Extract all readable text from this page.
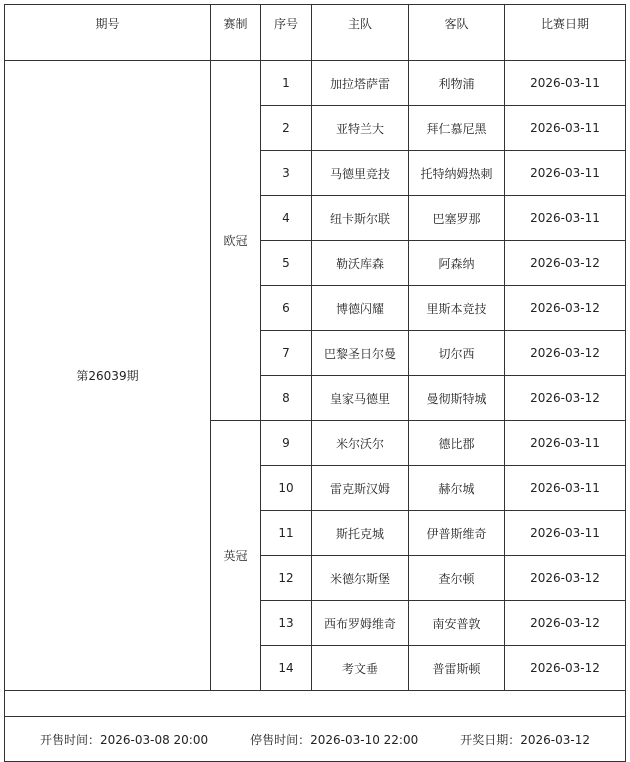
期号	赛制	序号	主队	客队	比赛日期
第26039期	欧冠	1	加拉塔萨雷	利物浦	2026-03-11
		2	亚特兰大	拜仁慕尼黑	2026-03-11
		3	马德里竞技	托特纳姆热刺	2026-03-11
		4	纽卡斯尔联	巴塞罗那	2026-03-11
		5	勒沃库森	阿森纳	2026-03-12
		6	博德闪耀	里斯本竞技	2026-03-12
		7	巴黎圣日尔曼	切尔西	2026-03-12
		8	皇家马德里	曼彻斯特城	2026-03-12
	英冠	9	米尔沃尔	德比郡	2026-03-11
		10	雷克斯汉姆	赫尔城	2026-03-11
		11	斯托克城	伊普斯维奇	2026-03-11
		12	米德尔斯堡	查尔顿	2026-03-12
		13	西布罗姆维奇	南安普敦	2026-03-12
		14	考文垂	普雷斯顿	2026-03-12

开售时间：2026-03-08 20:00 停售时间：2026-03-10 22:00 开奖日期：2026-03-12					
